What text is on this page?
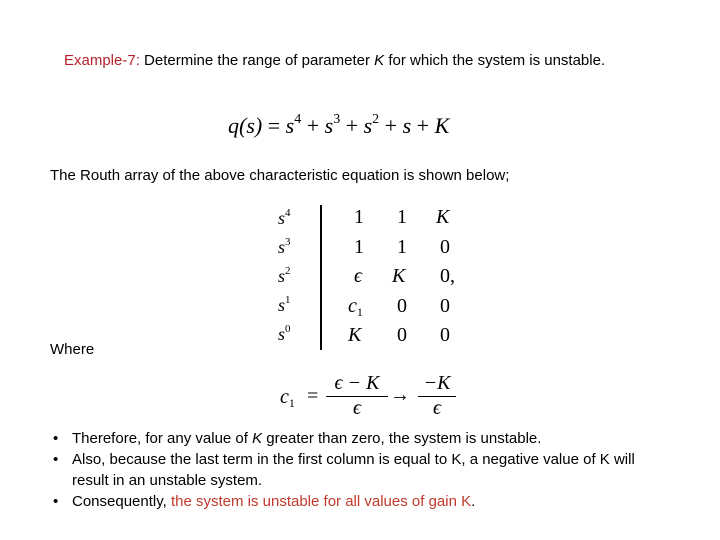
Example-7: Determine the range of parameter K for which the system is unstable.
$q(s) = s^4 + s^3 + s^2 + s + K$
The Routh array of the above characteristic equation is shown below;
$s^4$
$s^3$
$s^2$
$s^1$
$s^0$
1 1 K
1 1 0
ϵ K 0,
$c_1$ 0 0
K 0 0
Where
$c_1$ =
ϵ − K
ϵ
→
−K
ϵ
• Therefore, for any value of K greater than zero, the system is unstable.
• Also, because the last term in the first column is equal to K, a negative value of K will result in an unstable system.
• Consequently, the system is unstable for all values of gain K.
